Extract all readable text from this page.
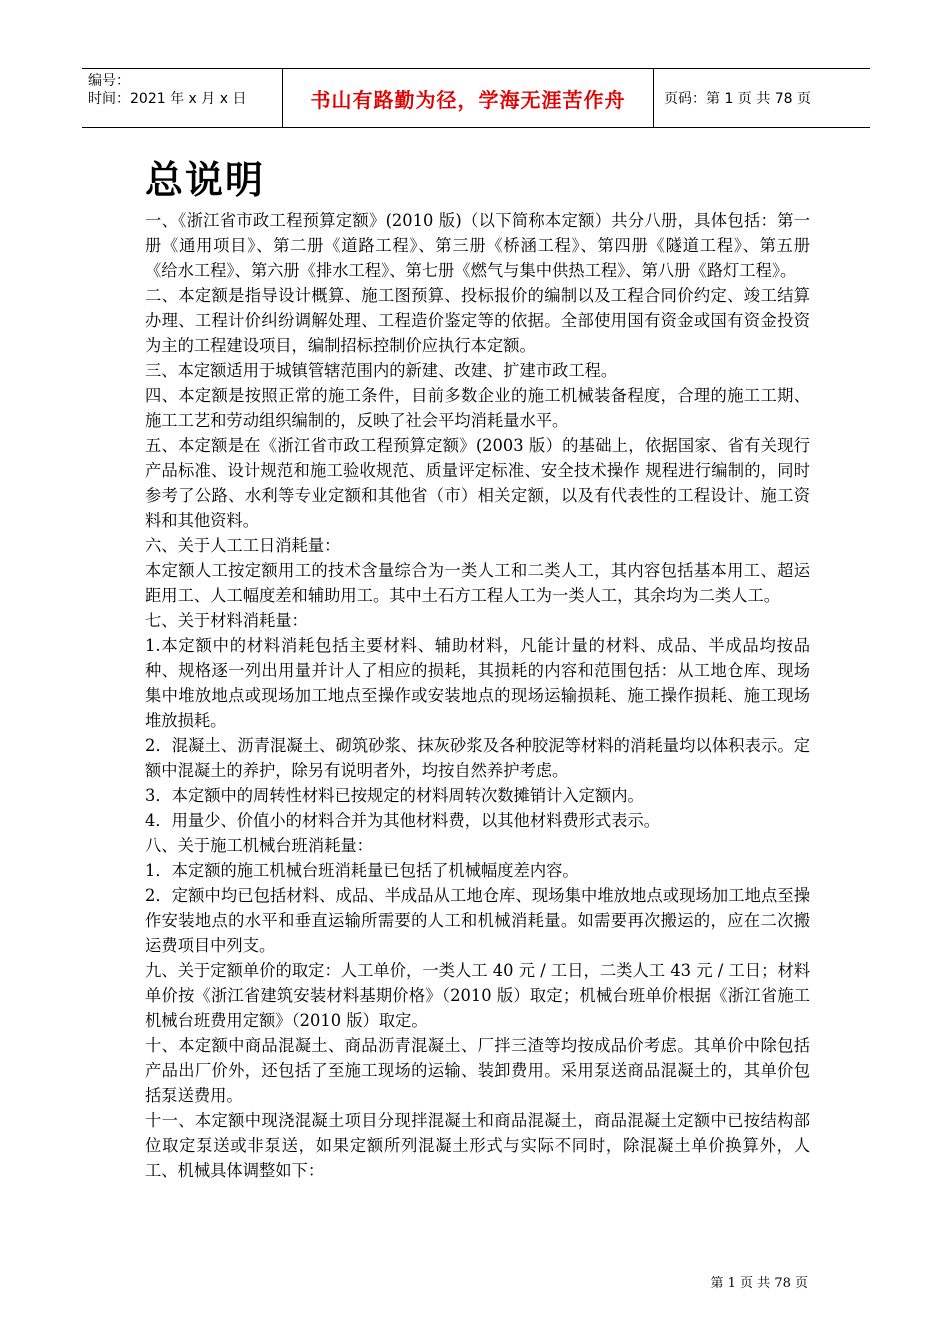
编号：
时间：2021 年 x 月 x 日	书山有路勤为径，学海无涯苦作舟	页码：第 1 页 共 78 页
总说明

一、《浙江省市政工程预算定额》(2010 版)（以下简称本定额）共分八册，具体包括：第一册《通用项目》、第二册《道路工程》、第三册《桥涵工程》、第四册《隧道工程》、第五册《给水工程》、第六册《排水工程》、第七册《燃气与集中供热工程》、第八册《路灯工程》。

二、本定额是指导设计概算、施工图预算、投标报价的编制以及工程合同价约定、竣工结算办理、工程计价纠纷调解处理、工程造价鉴定等的依据。全部使用国有资金或国有资金投资为主的工程建设项目，编制招标控制价应执行本定额。

三、本定额适用于城镇管辖范围内的新建、改建、扩建市政工程。

四、本定额是按照正常的施工条件，目前多数企业的施工机械装备程度，合理的施工工期、施工工艺和劳动组织编制的，反映了社会平均消耗量水平。

五、本定额是在《浙江省市政工程预算定额》(2003 版）的基础上，依据国家、省有关现行产品标准、设计规范和施工验收规范、质量评定标准、安全技术操作 规程进行编制的，同时参考了公路、水利等专业定额和其他省（市）相关定额，以及有代表性的工程设计、施工资料和其他资料。

六、关于人工工日消耗量：

本定额人工按定额用工的技术含量综合为一类人工和二类人工，其内容包括基本用工、超运距用工、人工幅度差和辅助用工。其中土石方工程人工为一类人工，其余均为二类人工。

七、关于材料消耗量：

1.本定额中的材料消耗包括主要材料、辅助材料，凡能计量的材料、成品、半成品均按品种、规格逐一列出用量并计人了相应的损耗，其损耗的内容和范围包括：从工地仓库、现场集中堆放地点或现场加工地点至操作或安装地点的现场运输损耗、施工操作损耗、施工现场堆放损耗。

2．混凝土、沥青混凝土、砌筑砂浆、抹灰砂浆及各种胶泥等材料的消耗量均以体积表示。定额中混凝土的养护，除另有说明者外，均按自然养护考虑。

3．本定额中的周转性材料已按规定的材料周转次数摊销计入定额内。

4．用量少、价值小的材料合并为其他材料费，以其他材料费形式表示。

八、关于施工机械台班消耗量：

1．本定额的施工机械台班消耗量已包括了机械幅度差内容。

2．定额中均已包括材料、成品、半成品从工地仓库、现场集中堆放地点或现场加工地点至操作安装地点的水平和垂直运输所需要的人工和机械消耗量。如需要再次搬运的，应在二次搬运费项目中列支。

九、关于定额单价的取定：人工单价，一类人工 40 元 / 工日，二类人工 43 元 / 工日；材料单价按《浙江省建筑安装材料基期价格》（2010 版）取定；机械台班单价根据《浙江省施工机械台班费用定额》（2010 版）取定。

十、本定额中商品混凝土、商品沥青混凝土、厂拌三渣等均按成品价考虑。其单价中除包括产品出厂价外，还包括了至施工现场的运输、装卸费用。采用泵送商品混凝土的，其单价包括泵送费用。

十一、本定额中现浇混凝土项目分现拌混凝土和商品混凝土，商品混凝土定额中已按结构部位取定泵送或非泵送，如果定额所列混凝土形式与实际不同时，除混凝土单价换算外，人工、机械具体调整如下：

第 1 页 共 78 页
